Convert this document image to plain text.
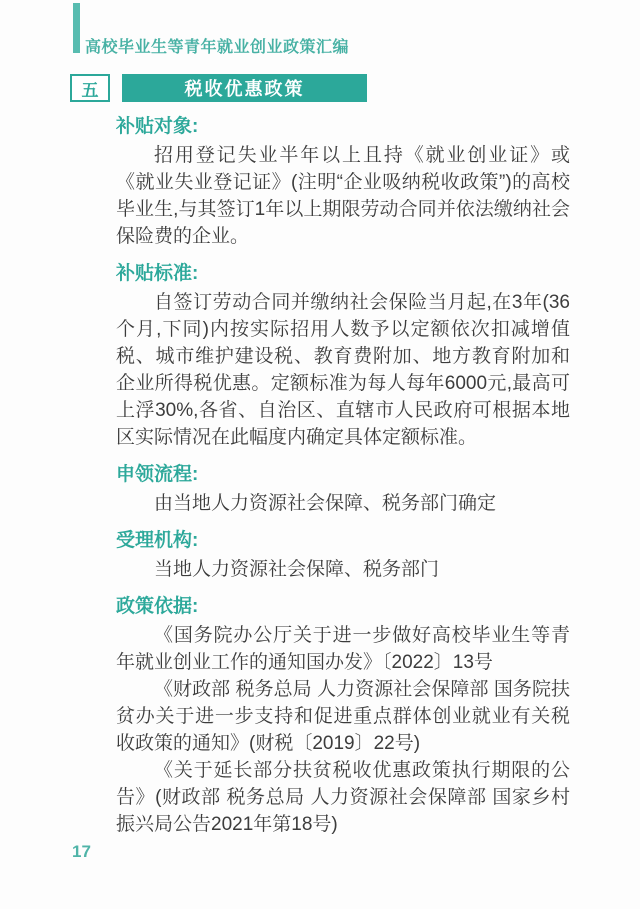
高校毕业生等青年就业创业政策汇编
五	税收优惠政策
补贴对象:

招用登记失业半年以上且持《就业创业证》或《就业失业登记证》(注明“企业吸纳税收政策”)的高校毕业生,与其签订1年以上期限劳动合同并依法缴纳社会保险费的企业。

补贴标准:

自签订劳动合同并缴纳社会保险当月起,在3年(36个月,下同)内按实际招用人数予以定额依次扣减增值税、城市维护建设税、教育费附加、地方教育附加和企业所得税优惠。定额标准为每人每年6000元,最高可上浮30%,各省、自治区、直辖市人民政府可根据本地区实际情况在此幅度内确定具体定额标准。

申领流程:

由当地人力资源社会保障、税务部门确定

受理机构:

当地人力资源社会保障、税务部门

政策依据:

《国务院办公厅关于进一步做好高校毕业生等青年就业创业工作的通知国办发》〔2022〕13号

《财政部 税务总局 人力资源社会保障部 国务院扶贫办关于进一步支持和促进重点群体创业就业有关税收政策的通知》(财税〔2019〕22号)

《关于延长部分扶贫税收优惠政策执行期限的公告》(财政部 税务总局 人力资源社会保障部 国家乡村振兴局公告2021年第18号)

17
